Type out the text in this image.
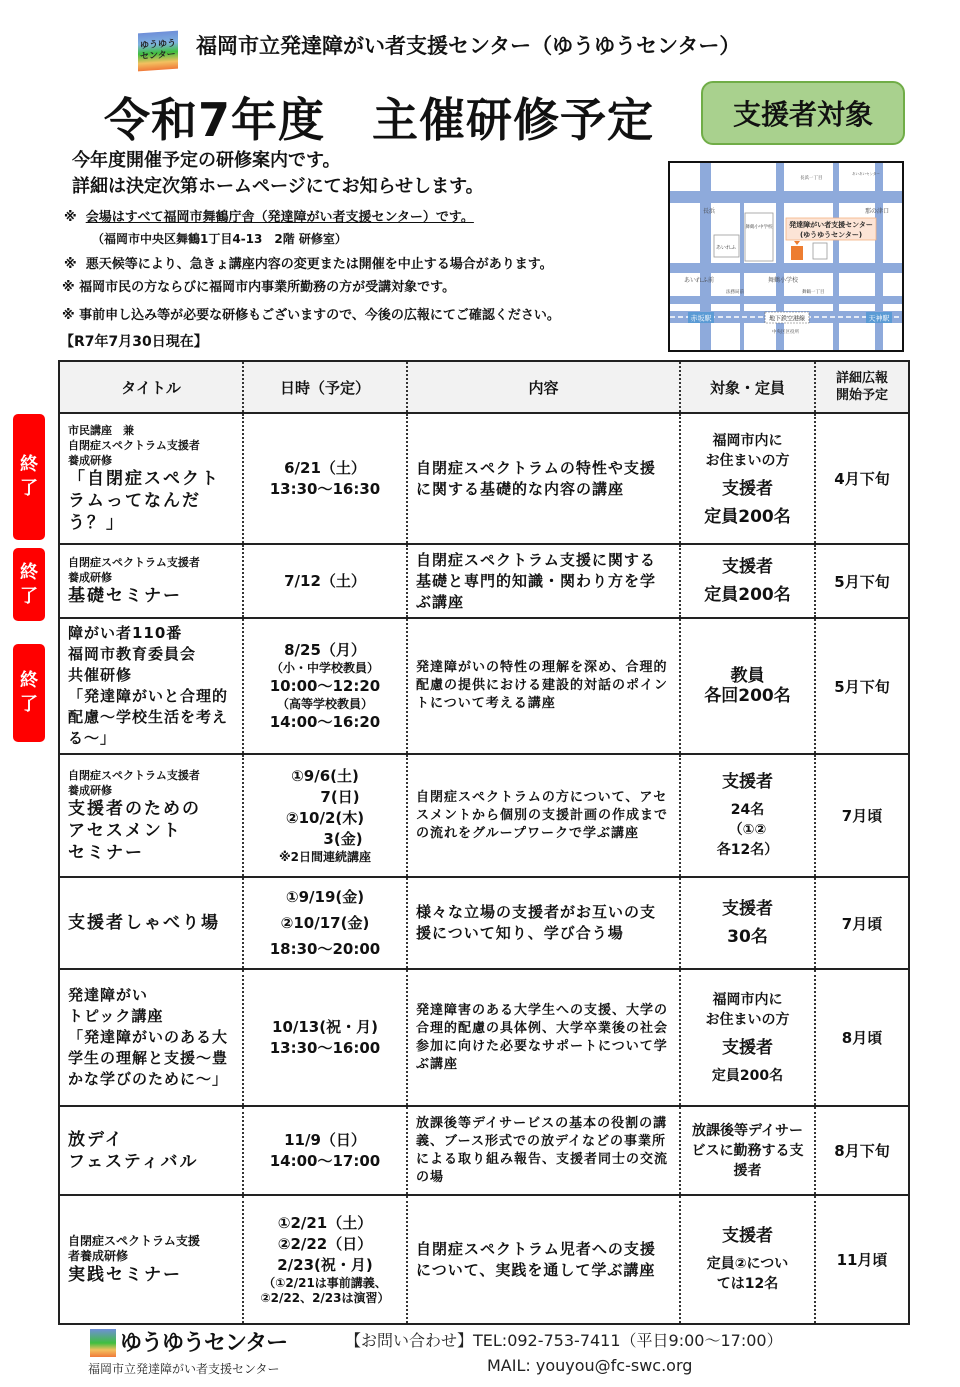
ゆうゆうセンター 福岡市立発達障がい者支援センター（ゆうゆうセンター）
令和7年度　主催研修予定	支援者対象
今年度開催予定の研修案内です。
詳細は決定次第ホームページにてお知らせします。
※ 会場はすべて福岡市舞鶴庁舎（発達障がい者支援センター）です。
（福岡市中央区舞鶴1丁目4-13　2階 研修室）
※ 悪天候等により、急きょ講座内容の変更または開催を中止する場合があります。
※ 福岡市民の方ならびに福岡市内事業所勤務の方が受講対象です。
※ 事前申し込み等が必要な研修もございますので、今後の広報にてご確認ください。
【R7年7月30日現在】
発達障がい者支援センター
(ゆうゆうセンター)
赤坂駅	天神駅
地下鉄空港線
長浜	那の津口
舞鶴小中学校
あいれふ
あいれふ前	舞鶴小学校
中央区区役所
長浜一丁目
法務局前	舞鶴一丁目
あいあいセンター
終
了
終
了
終
了
タイトル	日時（予定）	内容	対象・定員	詳細広報
開始予定

市民講座　兼
自閉症スペクトラム支援者
養成研修
「自閉症スペクトラムってなんだう？」	6/21（土）
13:30～16:30	自閉症スペクトラムの特性や支援に関する基礎的な内容の講座	福岡市内に
お住まいの方
支援者
定員200名	4月下旬

自閉症スペクトラム支援者
養成研修
基礎セミナー	7/12（土）	自閉症スペクトラム支援に関する基礎と専門的知識・関わり方を学ぶ講座	支援者
定員200名	5月下旬

障がい者110番
福岡市教育委員会
共催研修
「発達障がいと合理的配慮～学校生活を考える～」	8/25（月）
（小・中学校教員）
10:00～12:20
（高等学校教員）
14:00～16:20	発達障がいの特性の理解を深め、合理的配慮の提供における建設的対話のポイントについて考える講座	教員
各回200名	5月下旬

自閉症スペクトラム支援者
養成研修
支援者のための
アセスメント
セミナー	①9/6(土)
7(日)
②10/2(木)
3(金)
※2日間連続講座	自閉症スペクトラムの方について、アセスメントから個別の支援計画の作成までの流れをグループワークで学ぶ講座	支援者
24名
（①②
各12名）	7月頃

支援者しゃべり場	①9/19(金)
②10/17(金)
18:30～20:00	様々な立場の支援者がお互いの支援について知り、学び合う場	支援者
30名	7月頃

発達障がい
トピック講座
「発達障がいのある大学生の理解と支援～豊かな学びのために～」	10/13(祝・月)
13:30～16:00	発達障害のある大学生への支援、大学の合理的配慮の具体例、大学卒業後の社会参加に向けた必要なサポートについて学ぶ講座	福岡市内に
お住まいの方
支援者
定員200名	8月頃

放デイ
フェスティバル	11/9（日）
14:00～17:00	放課後等デイサービスの基本の役割の講義、ブース形式での放デイなどの事業所による取り組み報告、支援者同士の交流の場	放課後等デイサービスに勤務する支援者	8月下旬

自閉症スペクトラム支援
者養成研修
実践セミナー	①2/21（土）
②2/22（日）
2/23(祝・月)
（①2/21は事前講義、
②2/22、2/23は演習）	自閉症スペクトラム児者への支援について、実践を通して学ぶ講座	支援者
定員②については12名	11月頃
ゆうゆうセンター
福岡市立発達障がい者支援センター
【お問い合わせ】TEL:092-753-7411（平日9:00～17:00）
MAIL: youyou@fc-swc.org
